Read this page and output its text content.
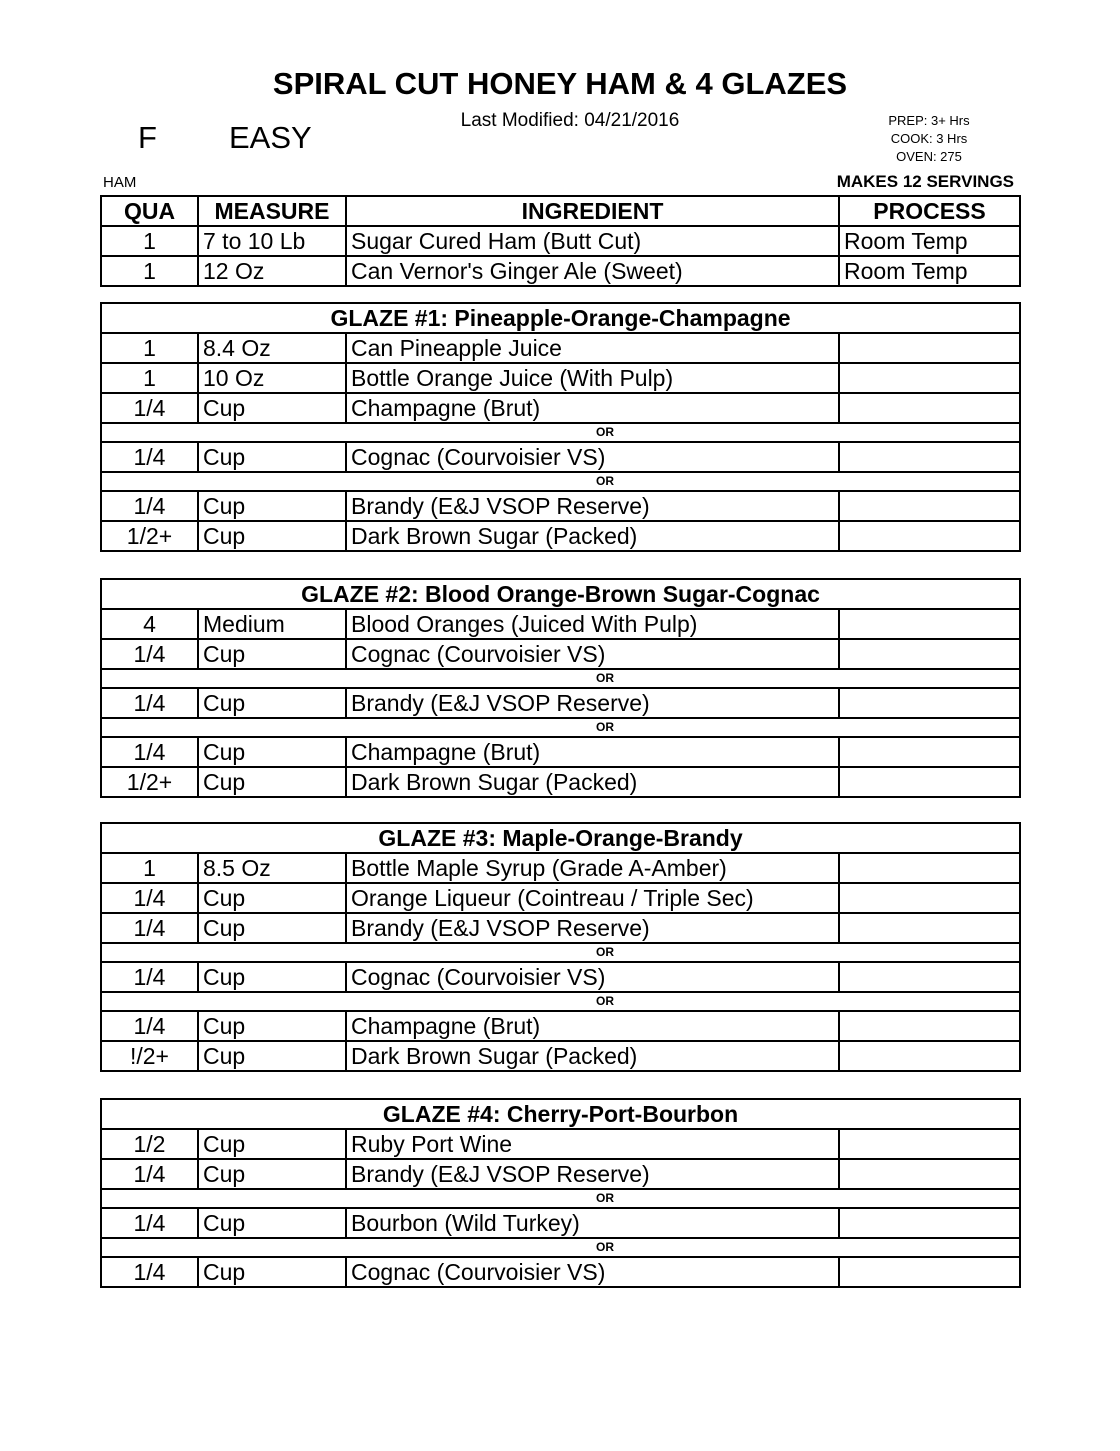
SPIRAL CUT HONEY HAM & 4 GLAZES
Last Modified: 04/21/2016
F EASY	PREP: 3+ Hrs
COOK: 3 Hrs
OVEN: 275
HAM	MAKES 12 SERVINGS
QUA	MEASURE	INGREDIENT	PROCESS
1	7 to 10 Lb	Sugar Cured Ham (Butt Cut)	Room Temp
1	12 Oz	Can Vernor's Ginger Ale (Sweet)	Room Temp
GLAZE #1: Pineapple-Orange-Champagne			
1	8.4 Oz	Can Pineapple Juice	
1	10 Oz	Bottle Orange Juice (With Pulp)	
1/4	Cup	Champagne (Brut)	
		OR	
1/4	Cup	Cognac (Courvoisier VS)	
		OR	
1/4	Cup	Brandy (E&J VSOP Reserve)	
1/2+	Cup	Dark Brown Sugar (Packed)	
GLAZE #2: Blood Orange-Brown Sugar-Cognac			
4	Medium	Blood Oranges (Juiced With Pulp)	
1/4	Cup	Cognac (Courvoisier VS)	
		OR	
1/4	Cup	Brandy (E&J VSOP Reserve)	
		OR	
1/4	Cup	Champagne (Brut)	
1/2+	Cup	Dark Brown Sugar (Packed)	
GLAZE #3: Maple-Orange-Brandy			
1	8.5 Oz	Bottle Maple Syrup (Grade A-Amber)	
1/4	Cup	Orange Liqueur (Cointreau / Triple Sec)	
1/4	Cup	Brandy (E&J VSOP Reserve)	
		OR	
1/4	Cup	Cognac (Courvoisier VS)	
		OR	
1/4	Cup	Champagne (Brut)	
!/2+	Cup	Dark Brown Sugar (Packed)	
GLAZE #4: Cherry-Port-Bourbon			
1/2	Cup	Ruby Port Wine	
1/4	Cup	Brandy (E&J VSOP Reserve)	
		OR	
1/4	Cup	Bourbon (Wild Turkey)	
		OR	
1/4	Cup	Cognac (Courvoisier VS)	
